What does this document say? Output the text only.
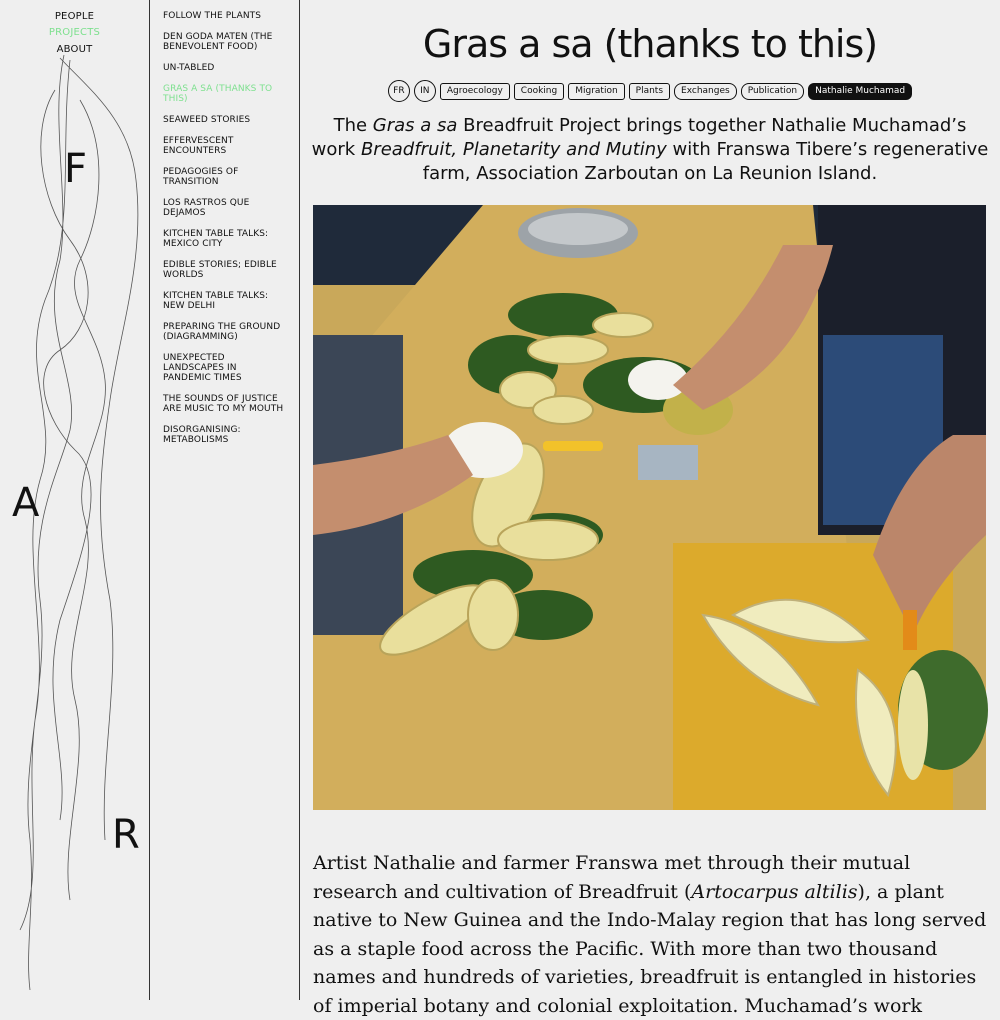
PEOPLE
PROJECTS
ABOUT
F
A
R
FOLLOW THE PLANTS
DEN GODA MATEN (THE BENEVOLENT FOOD)
UN-TABLED
GRAS A SA (THANKS TO THIS)
SEAWEED STORIES
EFFERVESCENT ENCOUNTERS
PEDAGOGIES OF TRANSITION
LOS RASTROS QUE DEJAMOS
KITCHEN TABLE TALKS: MEXICO CITY
EDIBLE STORIES; EDIBLE WORLDS
KITCHEN TABLE TALKS: NEW DELHI
PREPARING THE GROUND (DIAGRAMMING)
UNEXPECTED LANDSCAPES IN PANDEMIC TIMES
THE SOUNDS OF JUSTICE ARE MUSIC TO MY MOUTH
DISORGANISING: METABOLISMS
Gras a sa (thanks to this)
FR	IN	Agroecology	Cooking	Migration	Plants	Exchanges	Publication	Nathalie Muchamad
The Gras a sa Breadfruit Project brings together Nathalie Muchamad’s work Breadfruit, Planetarity and Mutiny with Franswa Tibere’s regenerative farm, Association Zarboutan on La Reunion Island.
Artist Nathalie and farmer Franswa met through their mutual research and cultivation of Breadfruit (Artocarpus altilis), a plant native to New Guinea and the Indo-Malay region that has long served as a staple food across the Pacific. With more than two thousand names and hundreds of varieties, breadfruit is entangled in histories of imperial botany and colonial exploitation. Muchamad’s work
